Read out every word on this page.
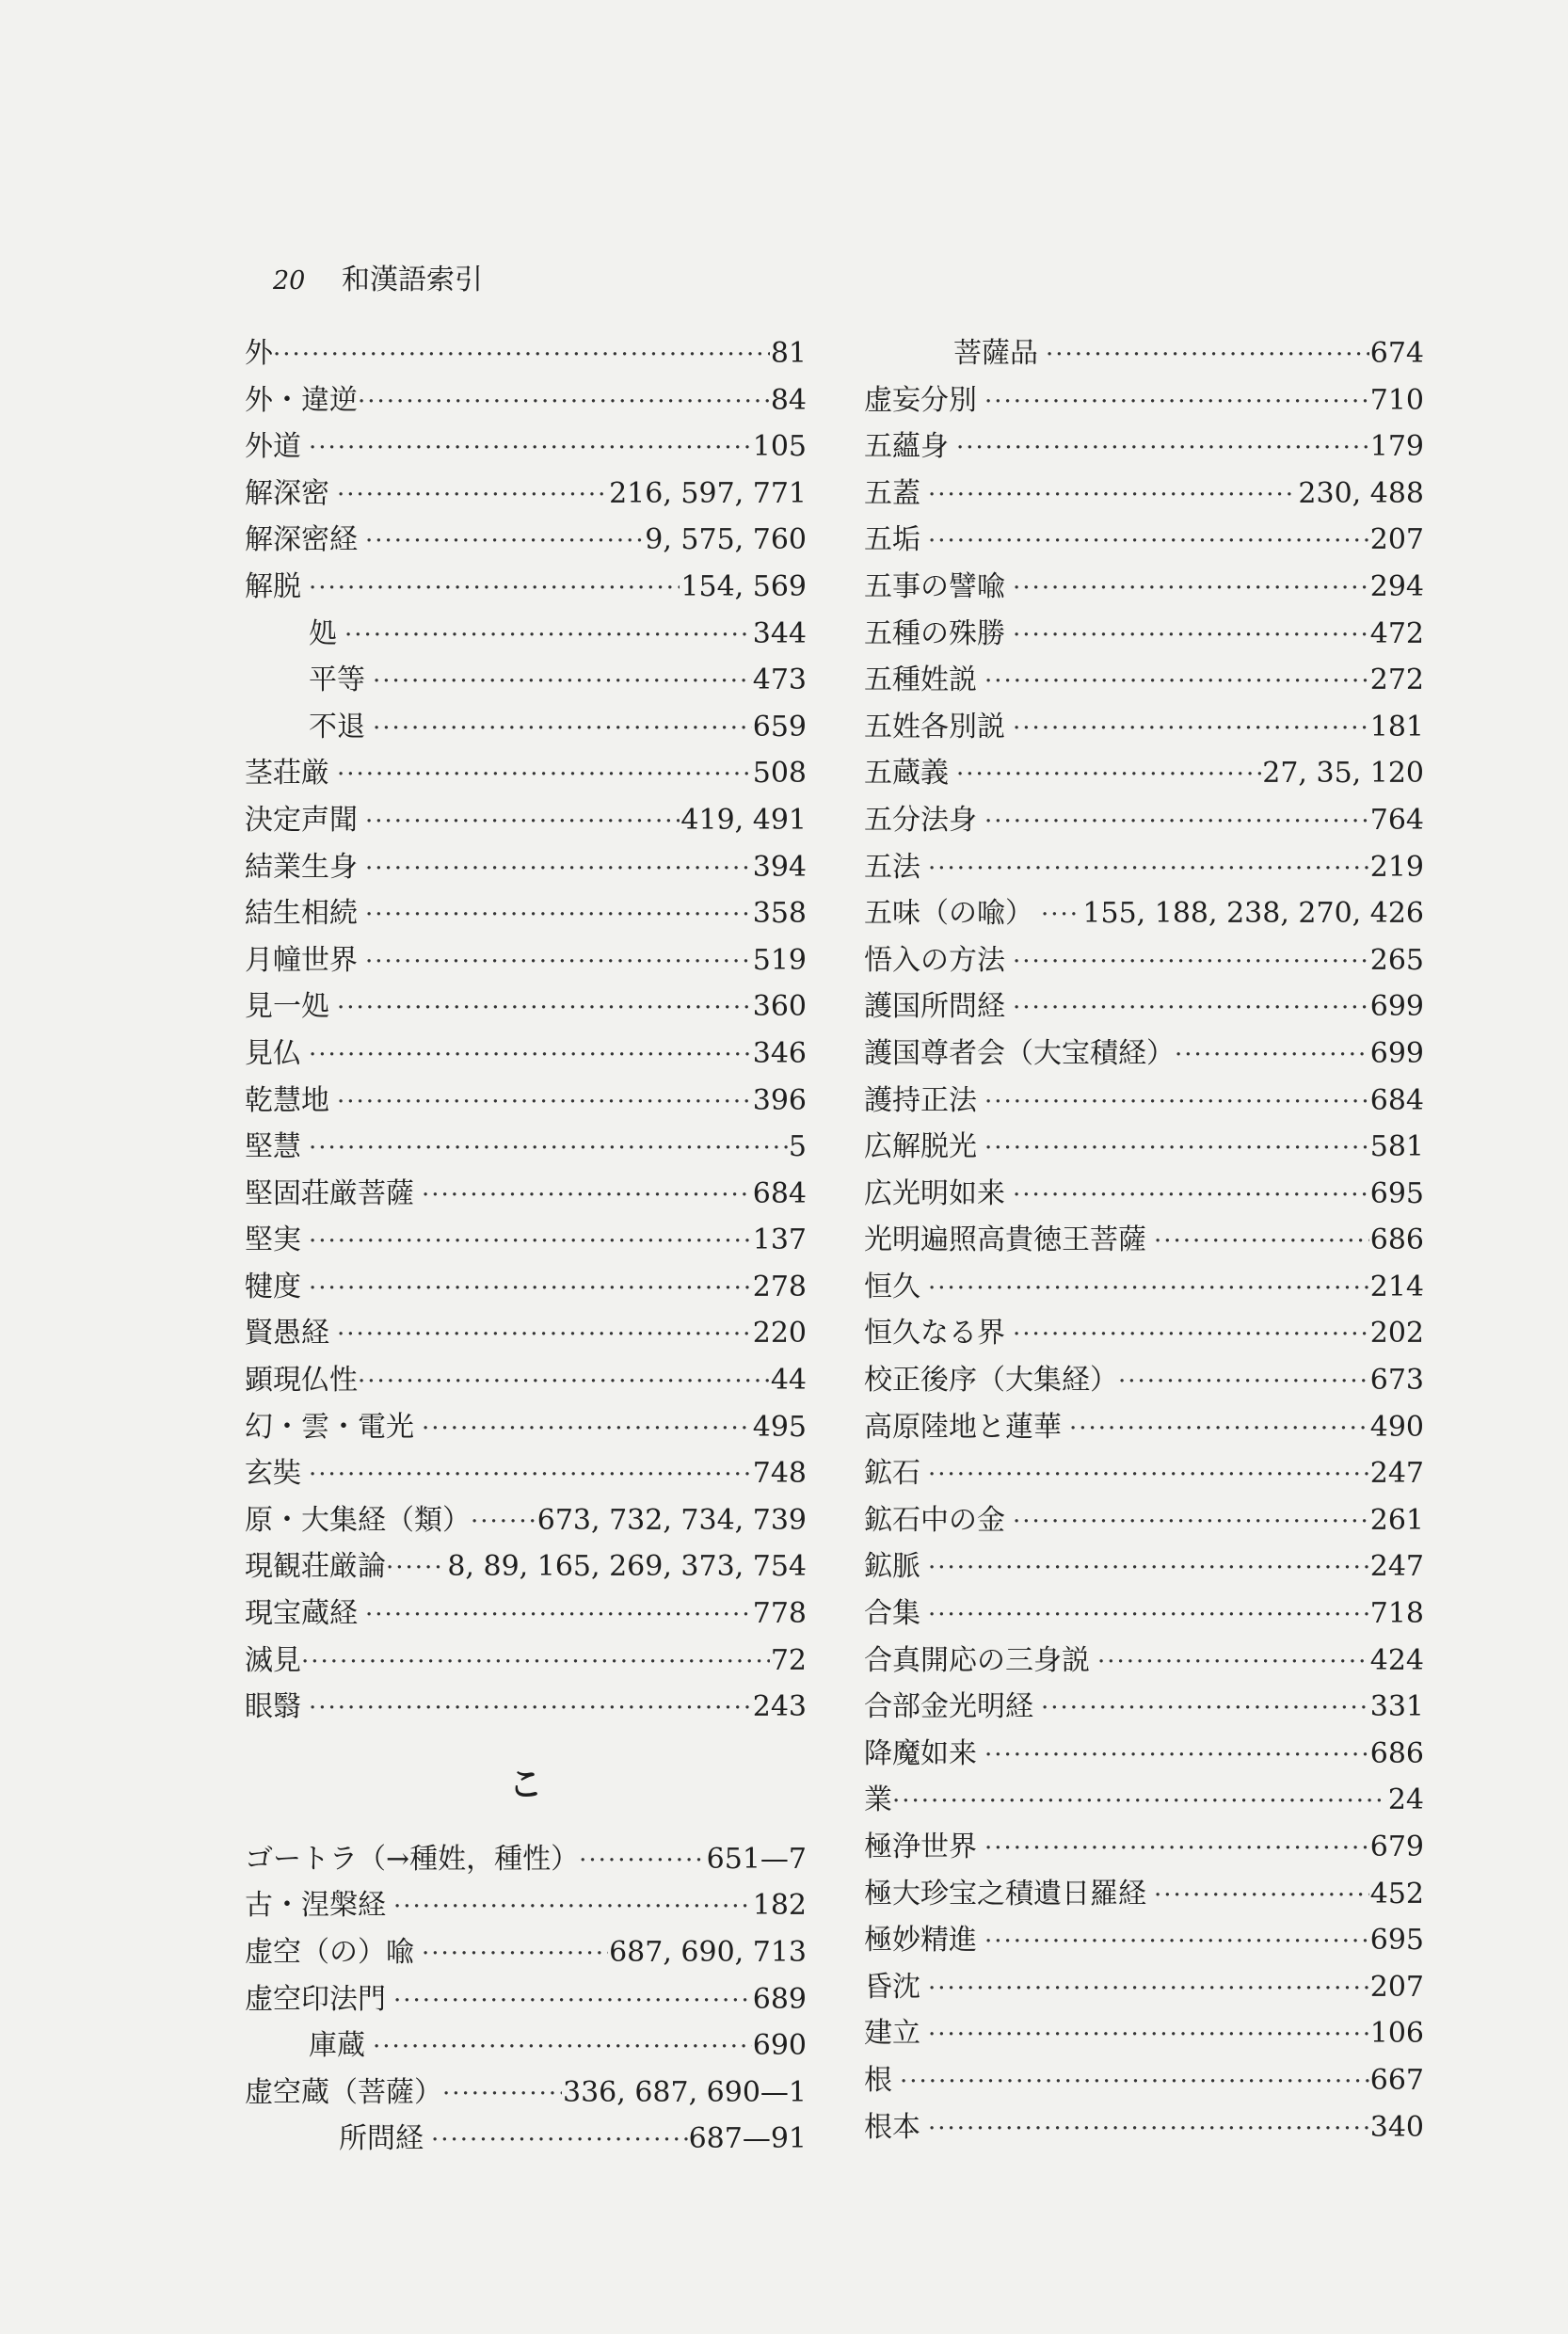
20 和漢語索引
外 ·····	81
外・違逆 ·····	84
外道 ·····	105
解深密 ·····	216, 597, 771
解深密経 ·····	9, 575, 760
解脱 ·····	154, 569
処 ·····	344
平等 ·····	473
不退 ·····	659
茎荘厳 ·····	508
決定声聞 ·····	419, 491
結業生身 ·····	394
結生相続 ·····	358
月幢世界 ·····	519
見一処 ·····	360
見仏 ·····	346
乾慧地 ·····	396
堅慧 ·····	5
堅固荘厳菩薩 ·····	684
堅実 ·····	137
犍度 ·····	278
賢愚経 ·····	220
顕現仏性 ·····	44
幻・雲・電光 ·····	495
玄奘 ·····	748
原・大集経（類） ····· 673, 732, 734, 739
現観荘厳論 ····· 8, 89, 165, 269, 373, 754
現宝蔵経 ·····	778
滅見 ·····	72
眼翳 ·····	243
こ
ゴートラ（→種姓，種性） ·····	651—7
古・涅槃経 ·····	182
虚空（の）喩 ·····	687, 690, 713
虚空印法門 ·····	689
庫蔵 ·····	690
虚空蔵（菩薩） ·····	336, 687, 690—1
所問経 ·····	687—91
菩薩品 ·····	674
虚妄分別 ·····	710
五蘊身 ·····	179
五蓋 ·····	230, 488
五垢 ·····	207
五事の譬喩 ·····	294
五種の殊勝 ·····	472
五種姓説 ·····	272
五姓各別説 ·····	181
五蔵義 ·····	27, 35, 120
五分法身 ·····	764
五法 ·····	219
五味（の喩） ····· 155, 188, 238, 270, 426
悟入の方法 ·····	265
護国所問経 ·····	699
護国尊者会（大宝積経） ·····	699
護持正法 ·····	684
広解脱光 ·····	581
広光明如来 ·····	695
光明遍照高貴徳王菩薩 ·····	686
恒久 ·····	214
恒久なる界 ·····	202
校正後序（大集経） ·····	673
高原陸地と蓮華 ·····	490
鉱石 ·····	247
鉱石中の金 ·····	261
鉱脈 ·····	247
合集 ·····	718
合真開応の三身説 ·····	424
合部金光明経 ·····	331
降魔如来 ·····	686
業 ·····	24
極浄世界 ·····	679
極大珍宝之積遺日羅経 ·····	452
極妙精進 ·····	695
昏沈 ·····	207
建立 ·····	106
根 ·····	667
根本 ·····	340
